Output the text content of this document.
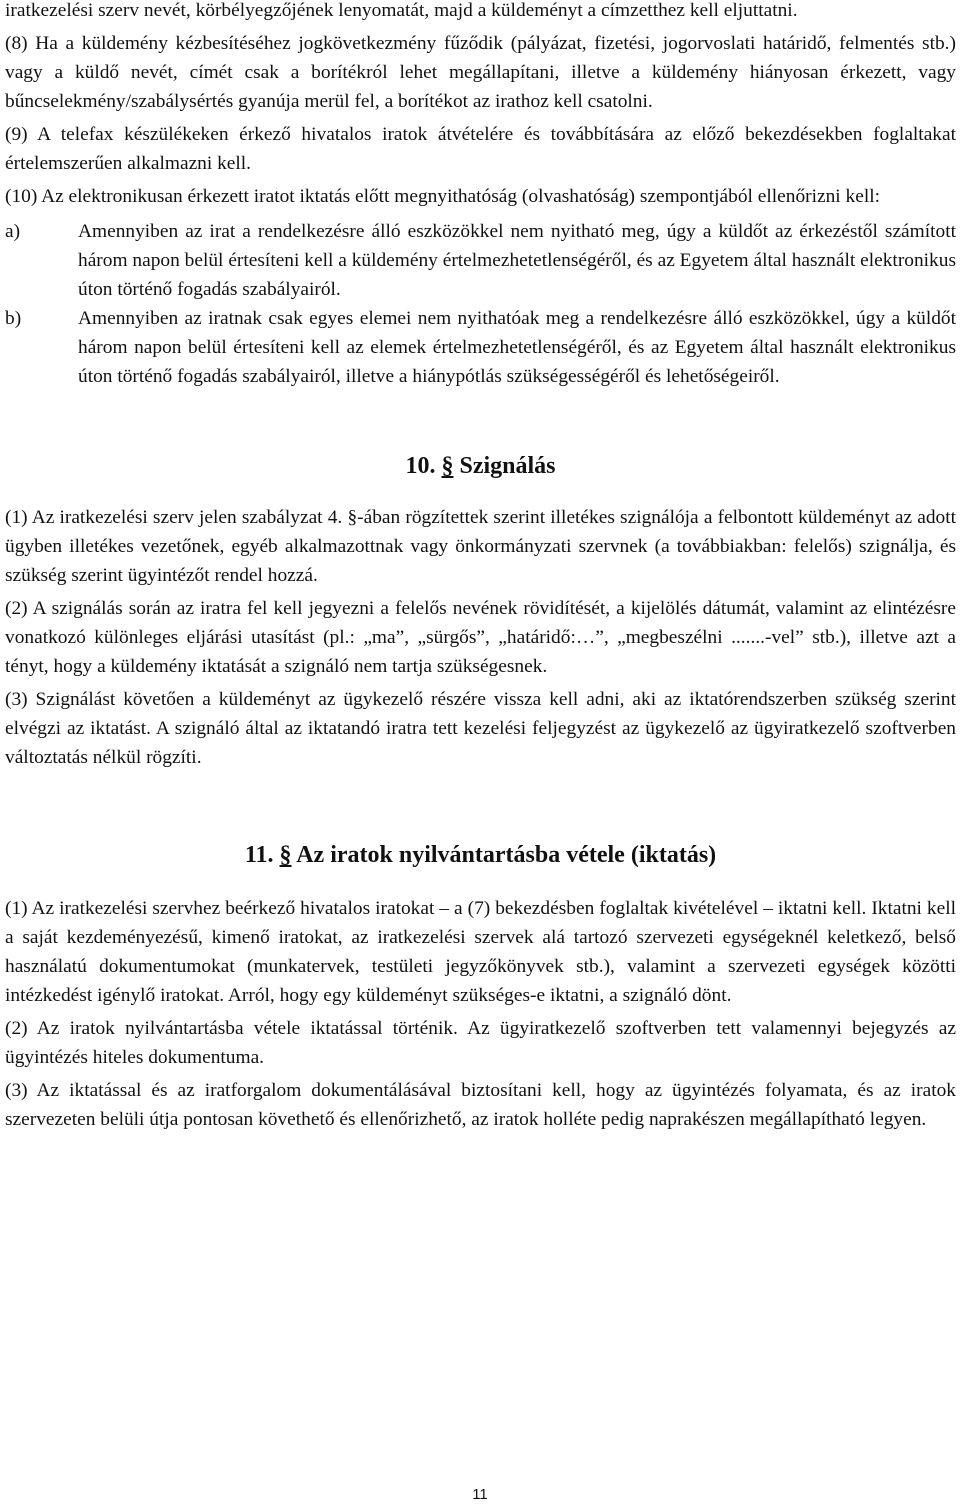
iratkezelési szerv nevét, körbélyegzőjének lenyomatát, majd a küldeményt a címzetthez kell eljuttatni.

(8) Ha a küldemény kézbesítéséhez jogkövetkezmény fűződik (pályázat, fizetési, jogorvoslati határidő, felmentés stb.) vagy a küldő nevét, címét csak a borítékról lehet megállapítani, illetve a küldemény hiányosan érkezett, vagy bűncselekmény/szabálysértés gyanúja merül fel, a borítékot az irathoz kell csatolni.

(9) A telefax készülékeken érkező hivatalos iratok átvételére és továbbítására az előző bekezdésekben foglaltakat értelemszerűen alkalmazni kell.

(10) Az elektronikusan érkezett iratot iktatás előtt megnyithatóság (olvashatóság) szempontjából ellenőrizni kell:

a)	Amennyiben az irat a rendelkezésre álló eszközökkel nem nyitható meg, úgy a küldőt az érkezéstől számított három napon belül értesíteni kell a küldemény értelmezhetetlenségéről, és az Egyetem által használt elektronikus úton történő fogadás szabályairól.
b)	Amennyiben az iratnak csak egyes elemei nem nyithatóak meg a rendelkezésre álló eszközökkel, úgy a küldőt három napon belül értesíteni kell az elemek értelmezhetetlenségéről, és az Egyetem által használt elektronikus úton történő fogadás szabályairól, illetve a hiánypótlás szükségességéről és lehetőségeiről.
10. § Szignálás

(1) Az iratkezelési szerv jelen szabályzat 4. §-ában rögzítettek szerint illetékes szignálója a felbontott küldeményt az adott ügyben illetékes vezetőnek, egyéb alkalmazottnak vagy önkormányzati szervnek (a továbbiakban: felelős) szignálja, és szükség szerint ügyintézőt rendel hozzá.

(2) A szignálás során az iratra fel kell jegyezni a felelős nevének rövidítését, a kijelölés dátumát, valamint az elintézésre vonatkozó különleges eljárási utasítást (pl.: „ma”, „sürgős”, „határidő:…”, „megbeszélni .......-vel” stb.), illetve azt a tényt, hogy a küldemény iktatását a szignáló nem tartja szükségesnek.

(3) Szignálást követően a küldeményt az ügykezelő részére vissza kell adni, aki az iktatórendszerben szükség szerint elvégzi az iktatást. A szignáló által az iktatandó iratra tett kezelési feljegyzést az ügykezelő az ügyiratkezelő szoftverben változtatás nélkül rögzíti.

11. § Az iratok nyilvántartásba vétele (iktatás)

(1) Az iratkezelési szervhez beérkező hivatalos iratokat – a (7) bekezdésben foglaltak kivételével – iktatni kell. Iktatni kell a saját kezdeményezésű, kimenő iratokat, az iratkezelési szervek alá tartozó szervezeti egységeknél keletkező, belső használatú dokumentumokat (munkatervek, testületi jegyzőkönyvek stb.), valamint a szervezeti egységek közötti intézkedést igénylő iratokat. Arról, hogy egy küldeményt szükséges-e iktatni, a szignáló dönt.

(2) Az iratok nyilvántartásba vétele iktatással történik. Az ügyiratkezelő szoftverben tett valamennyi bejegyzés az ügyintézés hiteles dokumentuma.

(3) Az iktatással és az iratforgalom dokumentálásával biztosítani kell, hogy az ügyintézés folyamata, és az iratok szervezeten belüli útja pontosan követhető és ellenőrizhető, az iratok holléte pedig naprakészen megállapítható legyen.

11
